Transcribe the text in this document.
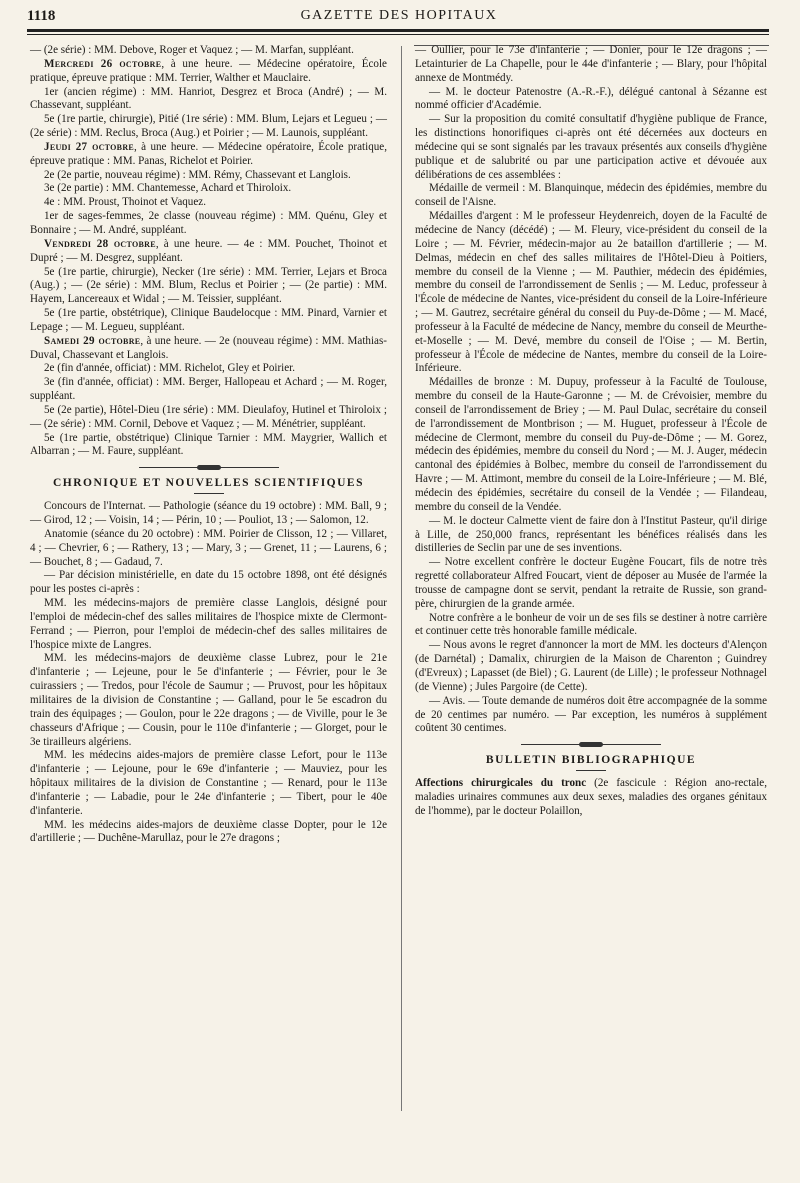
1118	GAZETTE DES HOPITAUX

— (2e série) : MM. Debove, Roger et Vaquez ; — M. Marfan, suppléant.

Mercredi 26 octobre, à une heure. — Médecine opératoire, École pratique, épreuve pratique : MM. Terrier, Walther et Mauclaire.

1er (ancien régime) : MM. Hanriot, Desgrez et Broca (André) ; — M. Chassevant, suppléant.

5e (1re partie, chirurgie), Pitié (1re série) : MM. Blum, Lejars et Legueu ; — (2e série) : MM. Reclus, Broca (Aug.) et Poirier ; — M. Launois, suppléant.

Jeudi 27 octobre, à une heure. — Médecine opératoire, École pratique, épreuve pratique : MM. Panas, Richelot et Poirier.

2e (2e partie, nouveau régime) : MM. Rémy, Chassevant et Langlois.

3e (2e partie) : MM. Chantemesse, Achard et Thiroloix.

4e : MM. Proust, Thoinot et Vaquez.

1er de sages-femmes, 2e classe (nouveau régime) : MM. Quénu, Gley et Bonnaire ; — M. André, suppléant.

Vendredi 28 octobre, à une heure. — 4e : MM. Pouchet, Thoinot et Dupré ; — M. Desgrez, suppléant.

5e (1re partie, chirurgie), Necker (1re série) : MM. Terrier, Lejars et Broca (Aug.) ; — (2e série) : MM. Blum, Reclus et Poirier ; — (2e partie) : MM. Hayem, Lancereaux et Widal ; — M. Teissier, suppléant.

5e (1re partie, obstétrique), Clinique Baudelocque : MM. Pinard, Varnier et Lepage ; — M. Legueu, suppléant.

Samedi 29 octobre, à une heure. — 2e (nouveau régime) : MM. Mathias-Duval, Chassevant et Langlois.

2e (fin d'année, officiat) : MM. Richelot, Gley et Poirier.

3e (fin d'année, officiat) : MM. Berger, Hallopeau et Achard ; — M. Roger, suppléant.

5e (2e partie), Hôtel-Dieu (1re série) : MM. Dieulafoy, Hutinel et Thiroloix ; — (2e série) : MM. Cornil, Debove et Vaquez ; — M. Ménétrier, suppléant.

5e (1re partie, obstétrique) Clinique Tarnier : MM. Maygrier, Wallich et Albarran ; — M. Faure, suppléant.

CHRONIQUE ET NOUVELLES SCIENTIFIQUES

Concours de l'Internat. — Pathologie (séance du 19 octobre) : MM. Ball, 9 ; — Girod, 12 ; — Voisin, 14 ; — Périn, 10 ; — Pouliot, 13 ; — Salomon, 12.

Anatomie (séance du 20 octobre) : MM. Poirier de Clisson, 12 ; — Villaret, 4 ; — Chevrier, 6 ; — Rathery, 13 ; — Mary, 3 ; — Grenet, 11 ; — Laurens, 6 ; — Bouchet, 8 ; — Gadaud, 7.

— Par décision ministérielle, en date du 15 octobre 1898, ont été désignés pour les postes ci-après :

MM. les médecins-majors de première classe Langlois, désigné pour l'emploi de médecin-chef des salles militaires de l'hospice mixte de Clermont-Ferrand ; — Pierron, pour l'emploi de médecin-chef des salles militaires de l'hospice mixte de Langres.

MM. les médecins-majors de deuxième classe Lubrez, pour le 21e d'infanterie ; — Lejeune, pour le 5e d'infanterie ; — Février, pour le 3e cuirassiers ; — Tredos, pour l'école de Saumur ; — Pruvost, pour les hôpitaux militaires de la division de Constantine ; — Galland, pour le 5e escadron du train des équipages ; — Goulon, pour le 22e dragons ; — de Viville, pour le 3e chasseurs d'Afrique ; — Cousin, pour le 110e d'infanterie ; — Glorget, pour le 3e tirailleurs algériens.

MM. les médecins aides-majors de première classe Lefort, pour le 113e d'infanterie ; — Lejoune, pour le 69e d'infanterie ; — Mauviez, pour les hôpitaux militaires de la division de Constantine ; — Renard, pour le 113e d'infanterie ; — Labadie, pour le 24e d'infanterie ; — Tibert, pour le 40e d'infanterie.

MM. les médecins aides-majors de deuxième classe Dopter, pour le 12e d'artillerie ; — Duchêne-Marullaz, pour le 27e dragons ;

— Oullier, pour le 73e d'infanterie ; — Donier, pour le 12e dragons ; — Letainturier de La Chapelle, pour le 44e d'infanterie ; — Blary, pour l'hôpital annexe de Montmédy.

— M. le docteur Patenostre (A.-R.-F.), délégué cantonal à Sézanne est nommé officier d'Académie.

— Sur la proposition du comité consultatif d'hygiène publique de France, les distinctions honorifiques ci-après ont été décernées aux docteurs en médecine qui se sont signalés par les travaux présentés aux conseils d'hygiène publique et de salubrité ou par une participation active et dévouée aux délibérations de ces assemblées :

Médaille de vermeil : M. Blanquinque, médecin des épidémies, membre du conseil de l'Aisne.

Médailles d'argent : M le professeur Heydenreich, doyen de la Faculté de médecine de Nancy (décédé) ; — M. Fleury, vice-président du conseil de la Loire ; — M. Février, médecin-major au 2e bataillon d'artillerie ; — M. Delmas, médecin en chef des salles militaires de l'Hôtel-Dieu à Poitiers, membre du conseil de la Vienne ; — M. Pauthier, médecin des épidémies, membre du conseil de l'arrondissement de Senlis ; — M. Leduc, professeur à l'École de médecine de Nantes, vice-président du conseil de la Loire-Inférieure ; — M. Gautrez, secrétaire général du conseil du Puy-de-Dôme ; — M. Macé, professeur à la Faculté de médecine de Nancy, membre du conseil de Meurthe-et-Moselle ; — M. Devé, membre du conseil de l'Oise ; — M. Bertin, professeur à l'École de médecine de Nantes, membre du conseil de la Loire-Inférieure.

Médailles de bronze : M. Dupuy, professeur à la Faculté de Toulouse, membre du conseil de la Haute-Garonne ; — M. de Crévoisier, membre du conseil de l'arrondissement de Briey ; — M. Paul Dulac, secrétaire du conseil de l'arrondissement de Montbrison ; — M. Huguet, professeur à l'École de médecine de Clermont, membre du conseil du Puy-de-Dôme ; — M. Gorez, médecin des épidémies, membre du conseil du Nord ; — M. J. Auger, médecin cantonal des épidémies à Bolbec, membre du conseil de l'arrondissement du Havre ; — M. Attimont, membre du conseil de la Loire-Inférieure ; — M. Blé, médecin des épidémies, secrétaire du conseil de la Vendée ; — Filandeau, membre du conseil de la Vendée.

— M. le docteur Calmette vient de faire don à l'Institut Pasteur, qu'il dirige à Lille, de 250,000 francs, représentant les bénéfices réalisés dans les distilleries de Seclin par une de ses inventions.

— Notre excellent confrère le docteur Eugène Foucart, fils de notre très regretté collaborateur Alfred Foucart, vient de déposer au Musée de l'armée la trousse de campagne dont se servit, pendant la retraite de Russie, son grand-père, chirurgien de la grande armée.

Notre confrère a le bonheur de voir un de ses fils se destiner à notre carrière et continuer cette très honorable famille médicale.

— Nous avons le regret d'annoncer la mort de MM. les docteurs d'Alençon (de Darnétal) ; Damalix, chirurgien de la Maison de Charenton ; Guindrey (d'Evreux) ; Lapasset (de Biel) ; G. Laurent (de Lille) ; le professeur Nothnagel (de Vienne) ; Jules Pargoire (de Cette).

— Avis. — Toute demande de numéros doit être accompagnée de la somme de 20 centimes par numéro. — Par exception, les numéros à supplément coûtent 30 centimes.

BULLETIN BIBLIOGRAPHIQUE

Affections chirurgicales du tronc (2e fascicule : Région ano-rectale, maladies urinaires communes aux deux sexes, maladies des organes génitaux de l'homme), par le docteur Polaillon,
